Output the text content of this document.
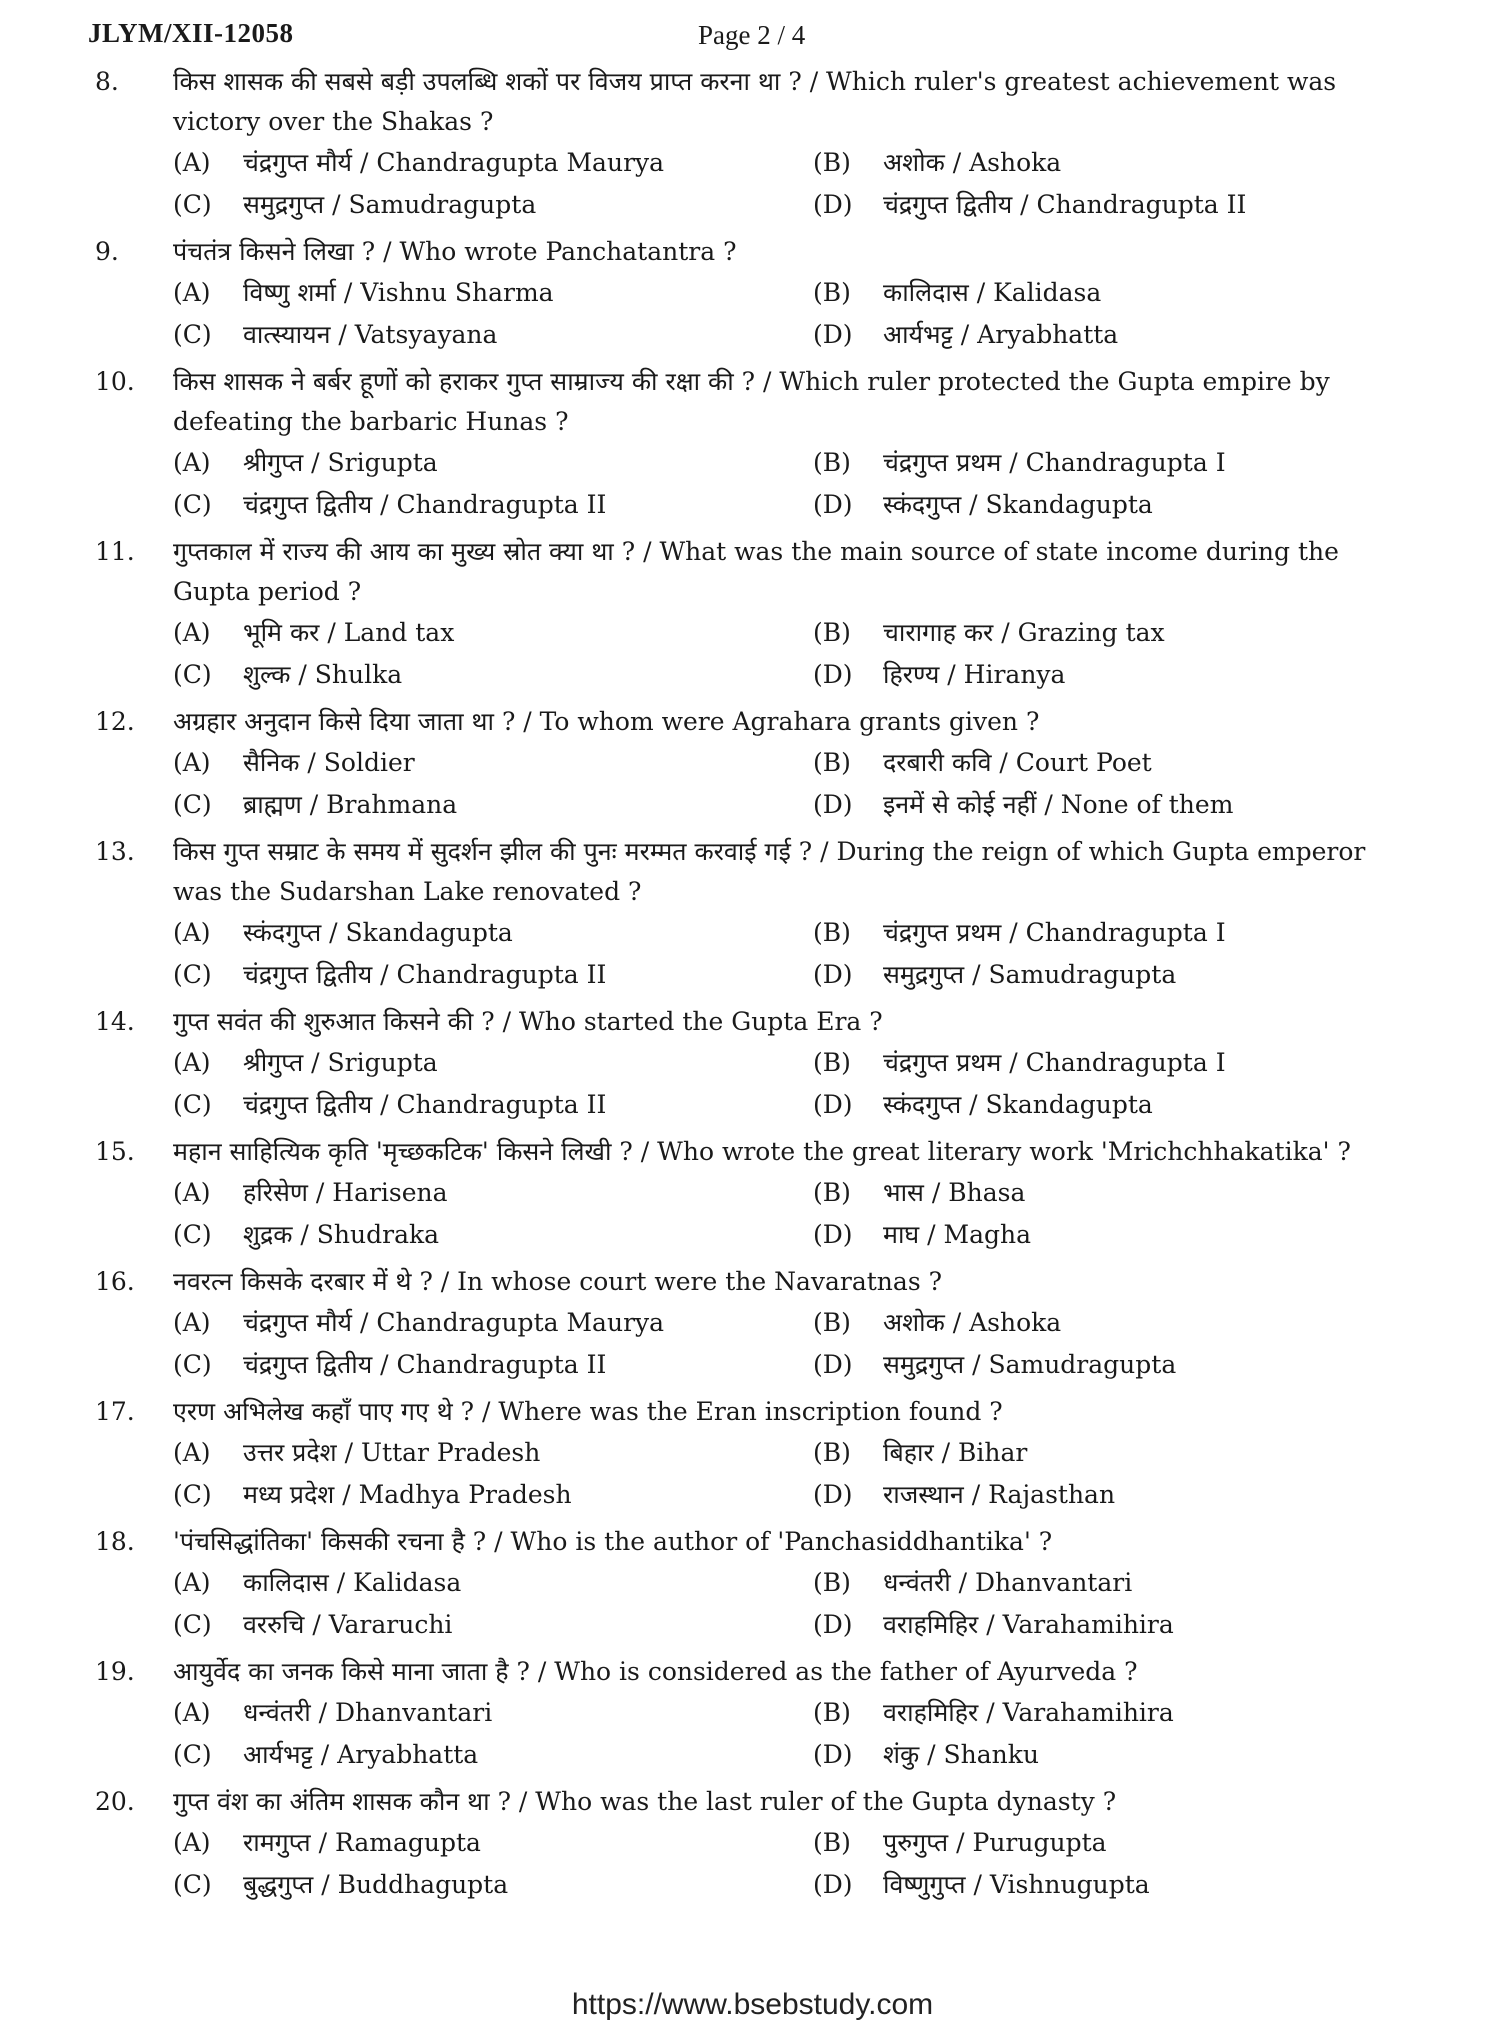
JLYM/XII-12058	Page 2 / 4
8.	किस शासक की सबसे बड़ी उपलब्धि शकों पर विजय प्राप्त करना था ? / Which ruler's greatest achievement was victory over the Shakas ?
(A)	चंद्रगुप्त मौर्य / Chandragupta Maurya	(B)	अशोक / Ashoka
(C)	समुद्रगुप्त / Samudragupta	(D)	चंद्रगुप्त द्वितीय / Chandragupta II
9.	पंचतंत्र किसने लिखा ? / Who wrote Panchatantra ?
(A)	विष्णु शर्मा / Vishnu Sharma	(B)	कालिदास / Kalidasa
(C)	वात्स्यायन / Vatsyayana	(D)	आर्यभट्ट / Aryabhatta
10.	किस शासक ने बर्बर हूणों को हराकर गुप्त साम्राज्य की रक्षा की ? / Which ruler protected the Gupta empire by defeating the barbaric Hunas ?
(A)	श्रीगुप्त / Srigupta	(B)	चंद्रगुप्त प्रथम / Chandragupta I
(C)	चंद्रगुप्त द्वितीय / Chandragupta II	(D)	स्कंदगुप्त / Skandagupta
11.	गुप्तकाल में राज्य की आय का मुख्य स्रोत क्या था ? / What was the main source of state income during the Gupta period ?
(A)	भूमि कर / Land tax	(B)	चारागाह कर / Grazing tax
(C)	शुल्क / Shulka	(D)	हिरण्य / Hiranya
12.	अग्रहार अनुदान किसे दिया जाता था ? / To whom were Agrahara grants given ?
(A)	सैनिक / Soldier	(B)	दरबारी कवि / Court Poet
(C)	ब्राह्मण / Brahmana	(D)	इनमें से कोई नहीं / None of them
13.	किस गुप्त सम्राट के समय में सुदर्शन झील की पुनः मरम्मत करवाई गई ? / During the reign of which Gupta emperor was the Sudarshan Lake renovated ?
(A)	स्कंदगुप्त / Skandagupta	(B)	चंद्रगुप्त प्रथम / Chandragupta I
(C)	चंद्रगुप्त द्वितीय / Chandragupta II	(D)	समुद्रगुप्त / Samudragupta
14.	गुप्त सवंत की शुरुआत किसने की ? / Who started the Gupta Era ?
(A)	श्रीगुप्त / Srigupta	(B)	चंद्रगुप्त प्रथम / Chandragupta I
(C)	चंद्रगुप्त द्वितीय / Chandragupta II	(D)	स्कंदगुप्त / Skandagupta
15.	महान साहित्यिक कृति 'मृच्छकटिक' किसने लिखी ? / Who wrote the great literary work 'Mrichchhakatika' ?
(A)	हरिसेण / Harisena	(B)	भास / Bhasa
(C)	शुद्रक / Shudraka	(D)	माघ / Magha
16.	नवरत्न किसके दरबार में थे ? / In whose court were the Navaratnas ?
(A)	चंद्रगुप्त मौर्य / Chandragupta Maurya	(B)	अशोक / Ashoka
(C)	चंद्रगुप्त द्वितीय / Chandragupta II	(D)	समुद्रगुप्त / Samudragupta
17.	एरण अभिलेख कहाँ पाए गए थे ? / Where was the Eran inscription found ?
(A)	उत्तर प्रदेश / Uttar Pradesh	(B)	बिहार / Bihar
(C)	मध्य प्रदेश / Madhya Pradesh	(D)	राजस्थान / Rajasthan
18.	'पंचसिद्धांतिका' किसकी रचना है ? / Who is the author of 'Panchasiddhantika' ?
(A)	कालिदास / Kalidasa	(B)	धन्वंतरी / Dhanvantari
(C)	वररुचि / Vararuchi	(D)	वराहमिहिर / Varahamihira
19.	आयुर्वेद का जनक किसे माना जाता है ? / Who is considered as the father of Ayurveda ?
(A)	धन्वंतरी / Dhanvantari	(B)	वराहमिहिर / Varahamihira
(C)	आर्यभट्ट / Aryabhatta	(D)	शंकु / Shanku
20.	गुप्त वंश का अंतिम शासक कौन था ? / Who was the last ruler of the Gupta dynasty ?
(A)	रामगुप्त / Ramagupta	(B)	पुरुगुप्त / Purugupta
(C)	बुद्धगुप्त / Buddhagupta	(D)	विष्णुगुप्त / Vishnugupta
https://www.bsebstudy.com
